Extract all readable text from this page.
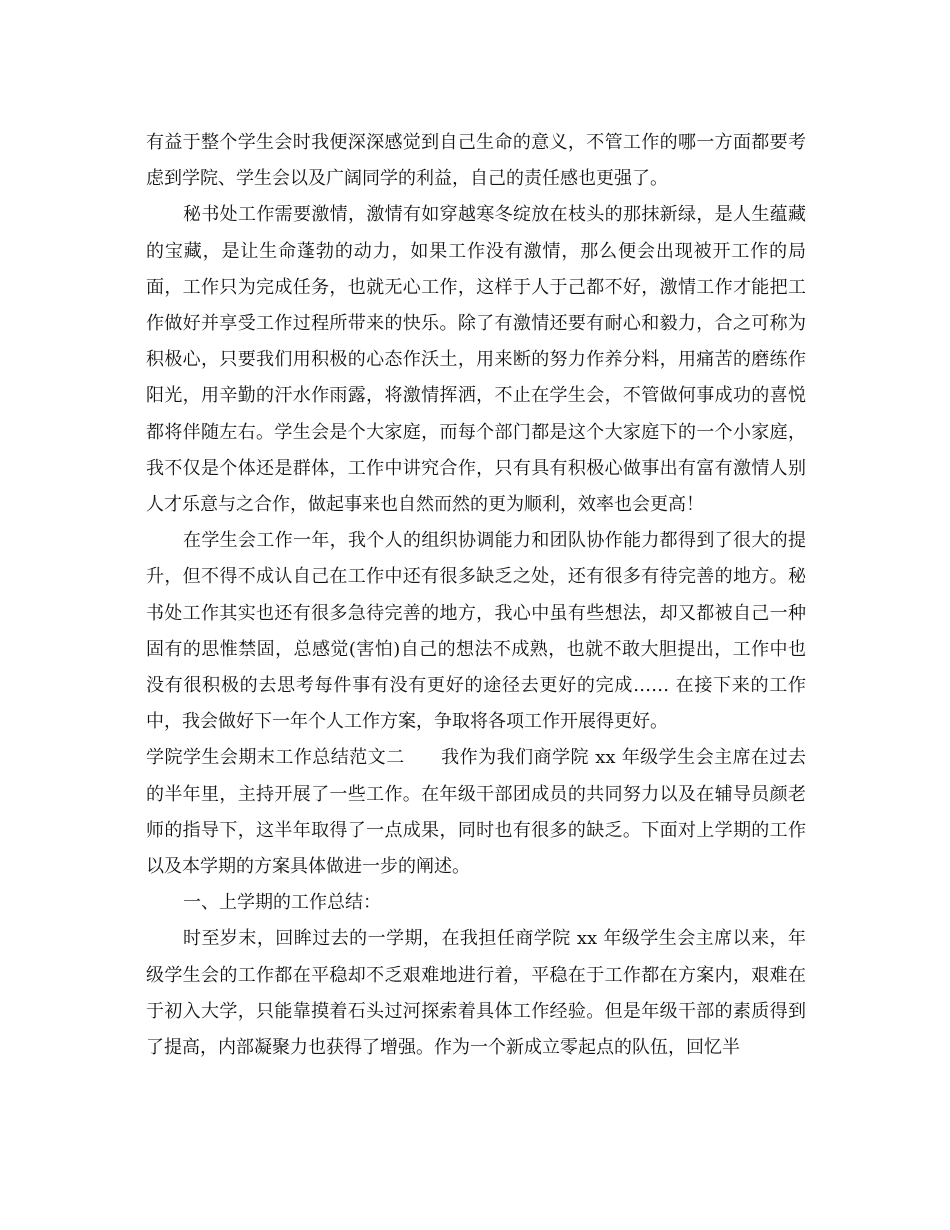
有益于整个学生会时我便深深感觉到自己生命的意义，不管工作的哪一方面都要考虑到学院、学生会以及广阔同学的利益，自己的责任感也更强了。

秘书处工作需要激情，激情有如穿越寒冬绽放在枝头的那抹新绿，是人生蕴藏的宝藏，是让生命蓬勃的动力，如果工作没有激情，那么便会出现被开工作的局面，工作只为完成任务，也就无心工作，这样于人于己都不好，激情工作才能把工作做好并享受工作过程所带来的快乐。除了有激情还要有耐心和毅力，合之可称为积极心，只要我们用积极的心态作沃土，用来断的努力作养分料，用痛苦的磨练作阳光，用辛勤的汗水作雨露，将激情挥洒，不止在学生会，不管做何事成功的喜悦都将伴随左右。学生会是个大家庭，而每个部门都是这个大家庭下的一个小家庭，我不仅是个体还是群体，工作中讲究合作，只有具有积极心做事出有富有激情人别人才乐意与之合作，做起事来也自然而然的更为顺利，效率也会更高！

在学生会工作一年，我个人的组织协调能力和团队协作能力都得到了很大的提升，但不得不成认自己在工作中还有很多缺乏之处，还有很多有待完善的地方。秘书处工作其实也还有很多急待完善的地方，我心中虽有些想法，却又都被自己一种固有的思惟禁固，总感觉(害怕)自己的想法不成熟，也就不敢大胆提出，工作中也没有很积极的去思考每件事有没有更好的途径去更好的完成…… 在接下来的工作中，我会做好下一年个人工作方案，争取将各项工作开展得更好。

学院学生会期末工作总结范文二 我作为我们商学院 xx 年级学生会主席在过去的半年里，主持开展了一些工作。在年级干部团成员的共同努力以及在辅导员颜老师的指导下，这半年取得了一点成果，同时也有很多的缺乏。下面对上学期的工作以及本学期的方案具体做进一步的阐述。

一、上学期的工作总结：

时至岁末，回眸过去的一学期，在我担任商学院 xx 年级学生会主席以来，年级学生会的工作都在平稳却不乏艰难地进行着，平稳在于工作都在方案内，艰难在于初入大学，只能靠摸着石头过河探索着具体工作经验。但是年级干部的素质得到了提高，内部凝聚力也获得了增强。作为一个新成立零起点的队伍，回忆半
